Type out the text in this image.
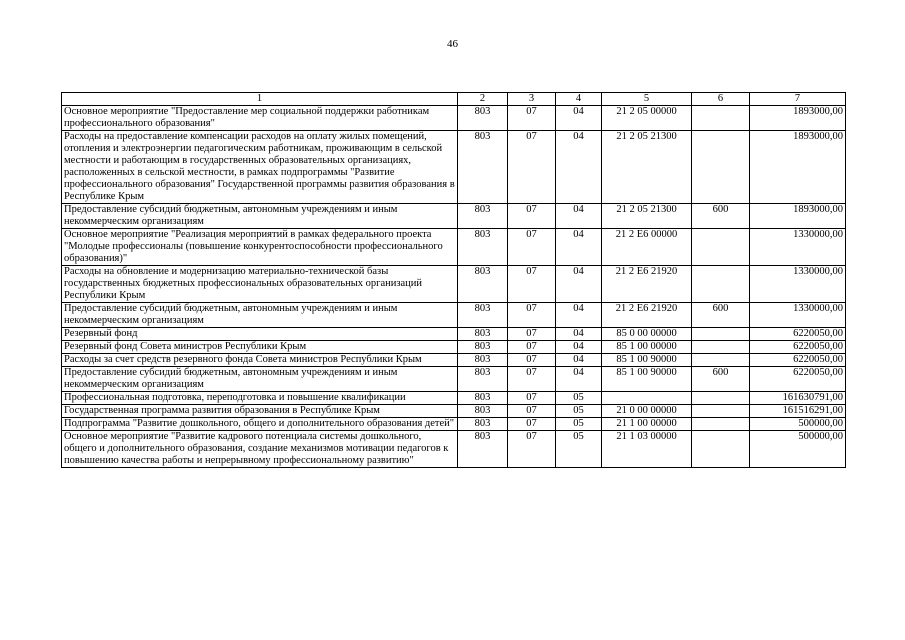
46
1	2	3	4	5	6	7
Основное мероприятие "Предоставление мер социальной поддержки работникам профессионального образования"	803	07	04	21 2 05 00000		1893000,00
Расходы на предоставление компенсации расходов на оплату жилых помещений, отопления и электроэнергии педагогическим работникам, проживающим в сельской местности и работающим в государственных образовательных организациях, расположенных в сельской местности, в рамках подпрограммы "Развитие профессионального образования" Государственной программы развития образования в Республике Крым	803	07	04	21 2 05 21300		1893000,00
Предоставление субсидий бюджетным, автономным учреждениям и иным некоммерческим организациям	803	07	04	21 2 05 21300	600	1893000,00
Основное мероприятие "Реализация мероприятий в рамках федерального проекта "Молодые профессионалы (повышение конкурентоспособности профессионального образования)"	803	07	04	21 2 Е6 00000		1330000,00
Расходы на обновление и модернизацию материально-технической базы государственных бюджетных профессиональных образовательных организаций Республики Крым	803	07	04	21 2 Е6 21920		1330000,00
Предоставление субсидий бюджетным, автономным учреждениям и иным некоммерческим организациям	803	07	04	21 2 Е6 21920	600	1330000,00
Резервный фонд	803	07	04	85 0 00 00000		6220050,00
Резервный фонд Совета министров Республики Крым	803	07	04	85 1 00 00000		6220050,00
Расходы за счет средств резервного фонда Совета министров Республики Крым	803	07	04	85 1 00 90000		6220050,00
Предоставление субсидий бюджетным, автономным учреждениям и иным некоммерческим организациям	803	07	04	85 1 00 90000	600	6220050,00
Профессиональная подготовка, переподготовка и повышение квалификации	803	07	05			161630791,00
Государственная программа развития образования в Республике Крым	803	07	05	21 0 00 00000		161516291,00
Подпрограмма "Развитие дошкольного, общего и дополнительного образования детей"	803	07	05	21 1 00 00000		500000,00
Основное мероприятие "Развитие кадрового потенциала системы дошкольного, общего и дополнительного образования, создание механизмов мотивации педагогов к повышению качества работы и непрерывному профессиональному развитию"	803	07	05	21 1 03 00000		500000,00
